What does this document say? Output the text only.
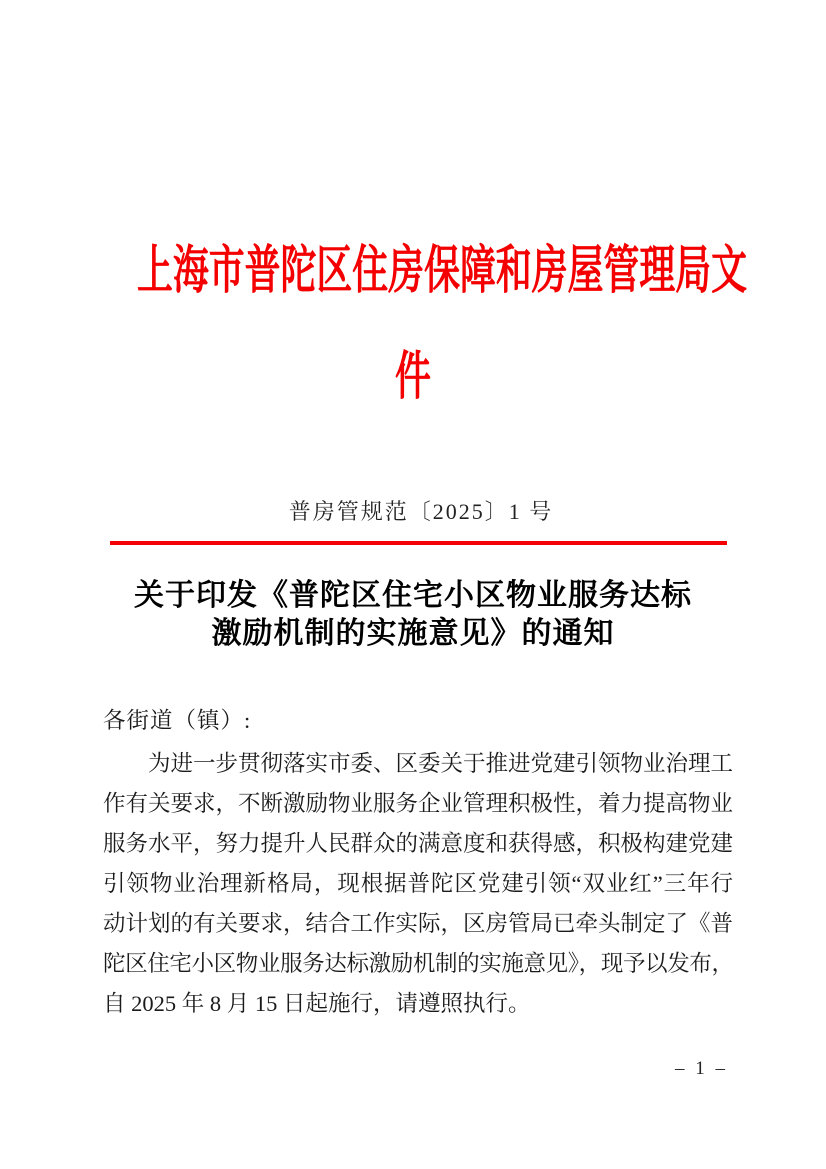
上海市普陀区住房保障和房屋管理局文
件
普房管规范〔2025〕1 号
关于印发《普陀区住宅小区物业服务达标
激励机制的实施意见》的通知
各街道（镇）:
为进一步贯彻落实市委、区委关于推进党建引领物业治理工
作有关要求，不断激励物业服务企业管理积极性，着力提高物业
服务水平，努力提升人民群众的满意度和获得感，积极构建党建
引领物业治理新格局，现根据普陀区党建引领“双业红”三年行
动计划的有关要求，结合工作实际，区房管局已牵头制定了《普
陀区住宅小区物业服务达标激励机制的实施意见》，现予以发布，
自 2025 年 8 月 15 日起施行，请遵照执行。
– 1 –
